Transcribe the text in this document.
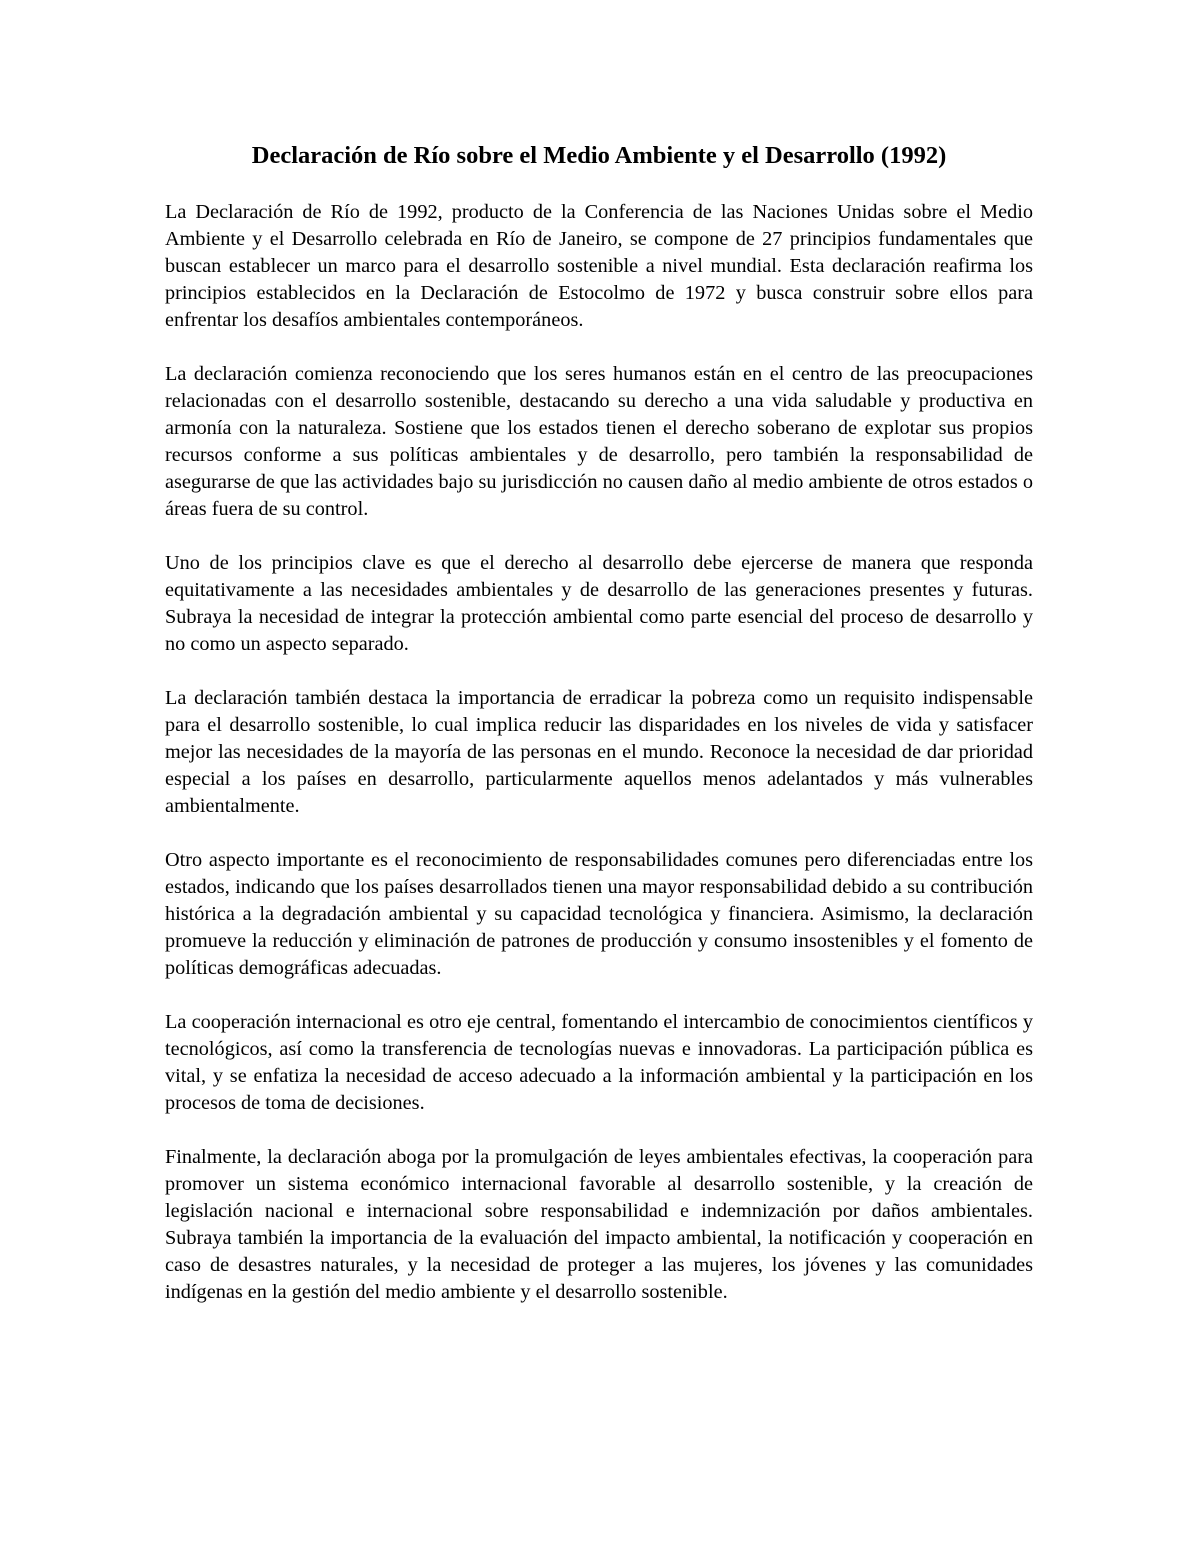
Declaración de Río sobre el Medio Ambiente y el Desarrollo (1992)

La Declaración de Río de 1992, producto de la Conferencia de las Naciones Unidas sobre el Medio Ambiente y el Desarrollo celebrada en Río de Janeiro, se compone de 27 principios fundamentales que buscan establecer un marco para el desarrollo sostenible a nivel mundial. Esta declaración reafirma los principios establecidos en la Declaración de Estocolmo de 1972 y busca construir sobre ellos para enfrentar los desafíos ambientales contemporáneos.

La declaración comienza reconociendo que los seres humanos están en el centro de las preocupaciones relacionadas con el desarrollo sostenible, destacando su derecho a una vida saludable y productiva en armonía con la naturaleza. Sostiene que los estados tienen el derecho soberano de explotar sus propios recursos conforme a sus políticas ambientales y de desarrollo, pero también la responsabilidad de asegurarse de que las actividades bajo su jurisdicción no causen daño al medio ambiente de otros estados o áreas fuera de su control.

Uno de los principios clave es que el derecho al desarrollo debe ejercerse de manera que responda equitativamente a las necesidades ambientales y de desarrollo de las generaciones presentes y futuras. Subraya la necesidad de integrar la protección ambiental como parte esencial del proceso de desarrollo y no como un aspecto separado.

La declaración también destaca la importancia de erradicar la pobreza como un requisito indispensable para el desarrollo sostenible, lo cual implica reducir las disparidades en los niveles de vida y satisfacer mejor las necesidades de la mayoría de las personas en el mundo. Reconoce la necesidad de dar prioridad especial a los países en desarrollo, particularmente aquellos menos adelantados y más vulnerables ambientalmente.

Otro aspecto importante es el reconocimiento de responsabilidades comunes pero diferenciadas entre los estados, indicando que los países desarrollados tienen una mayor responsabilidad debido a su contribución histórica a la degradación ambiental y su capacidad tecnológica y financiera. Asimismo, la declaración promueve la reducción y eliminación de patrones de producción y consumo insostenibles y el fomento de políticas demográficas adecuadas.

La cooperación internacional es otro eje central, fomentando el intercambio de conocimientos científicos y tecnológicos, así como la transferencia de tecnologías nuevas e innovadoras. La participación pública es vital, y se enfatiza la necesidad de acceso adecuado a la información ambiental y la participación en los procesos de toma de decisiones.

Finalmente, la declaración aboga por la promulgación de leyes ambientales efectivas, la cooperación para promover un sistema económico internacional favorable al desarrollo sostenible, y la creación de legislación nacional e internacional sobre responsabilidad e indemnización por daños ambientales. Subraya también la importancia de la evaluación del impacto ambiental, la notificación y cooperación en caso de desastres naturales, y la necesidad de proteger a las mujeres, los jóvenes y las comunidades indígenas en la gestión del medio ambiente y el desarrollo sostenible.
